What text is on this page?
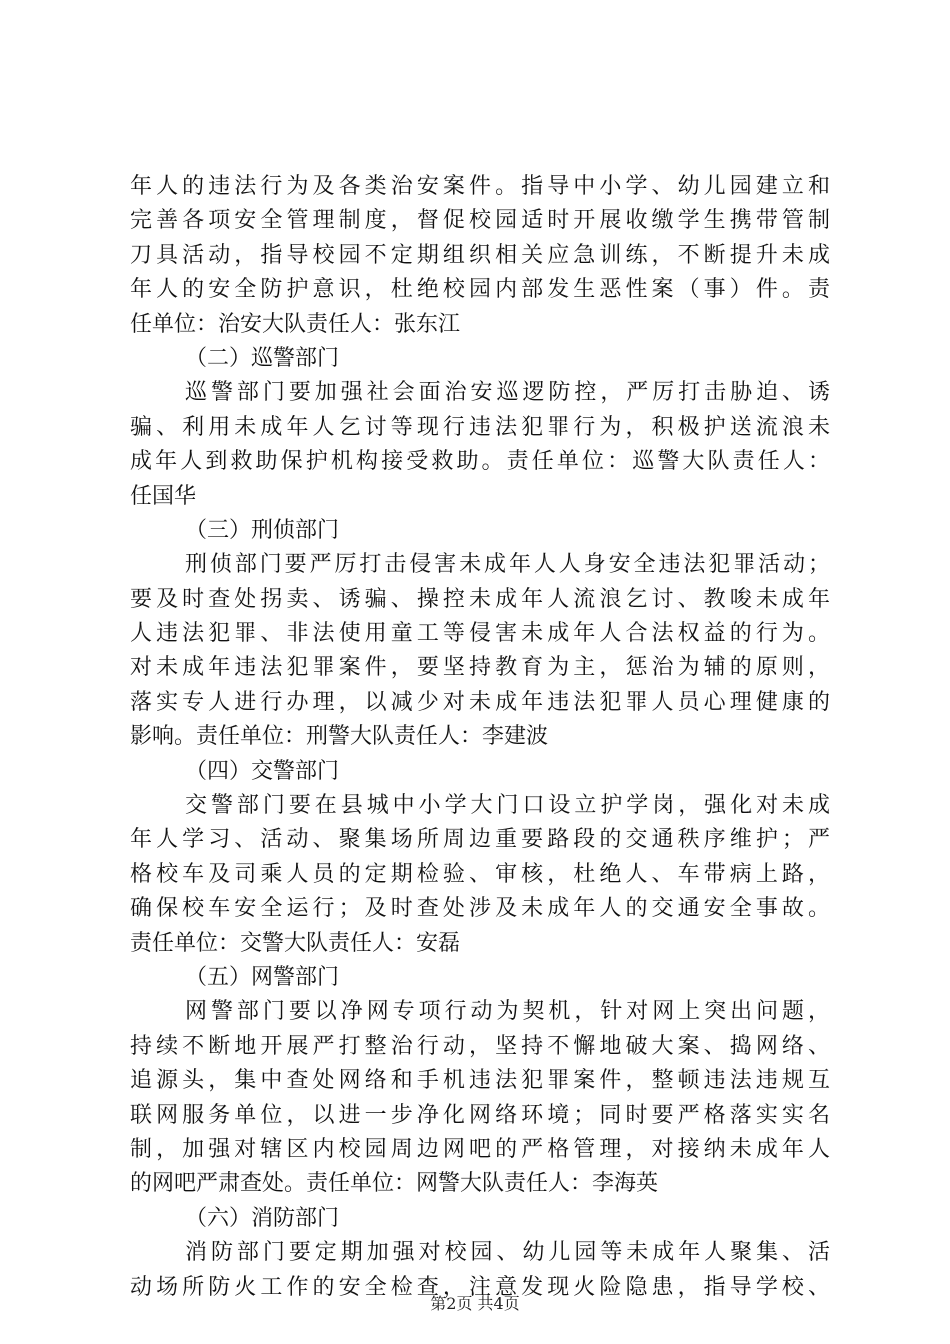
年人的违法行为及各类治安案件。指导中小学、幼儿园建立和
完善各项安全管理制度，督促校园适时开展收缴学生携带管制
刀具活动，指导校园不定期组织相关应急训练，不断提升未成
年人的安全防护意识，杜绝校园内部发生恶性案（事）件。责
任单位：治安大队责任人：张东江
（二）巡警部门
巡警部门要加强社会面治安巡逻防控，严厉打击胁迫、诱
骗、利用未成年人乞讨等现行违法犯罪行为，积极护送流浪未
成年人到救助保护机构接受救助。责任单位：巡警大队责任人：
任国华
（三）刑侦部门
刑侦部门要严厉打击侵害未成年人人身安全违法犯罪活动；
要及时查处拐卖、诱骗、操控未成年人流浪乞讨、教唆未成年
人违法犯罪、非法使用童工等侵害未成年人合法权益的行为。
对未成年违法犯罪案件，要坚持教育为主，惩治为辅的原则，
落实专人进行办理，以减少对未成年违法犯罪人员心理健康的
影响。责任单位：刑警大队责任人：李建波
（四）交警部门
交警部门要在县城中小学大门口设立护学岗，强化对未成
年人学习、活动、聚集场所周边重要路段的交通秩序维护；严
格校车及司乘人员的定期检验、审核，杜绝人、车带病上路，
确保校车安全运行；及时查处涉及未成年人的交通安全事故。
责任单位：交警大队责任人：安磊
（五）网警部门
网警部门要以净网专项行动为契机，针对网上突出问题，
持续不断地开展严打整治行动，坚持不懈地破大案、捣网络、
追源头，集中查处网络和手机违法犯罪案件，整顿违法违规互
联网服务单位，以进一步净化网络环境；同时要严格落实实名
制，加强对辖区内校园周边网吧的严格管理，对接纳未成年人
的网吧严肃查处。责任单位：网警大队责任人：李海英
（六）消防部门
消防部门要定期加强对校园、幼儿园等未成年人聚集、活
动场所防火工作的安全检查，注意发现火险隐患，指导学校、
第2页 共4页
